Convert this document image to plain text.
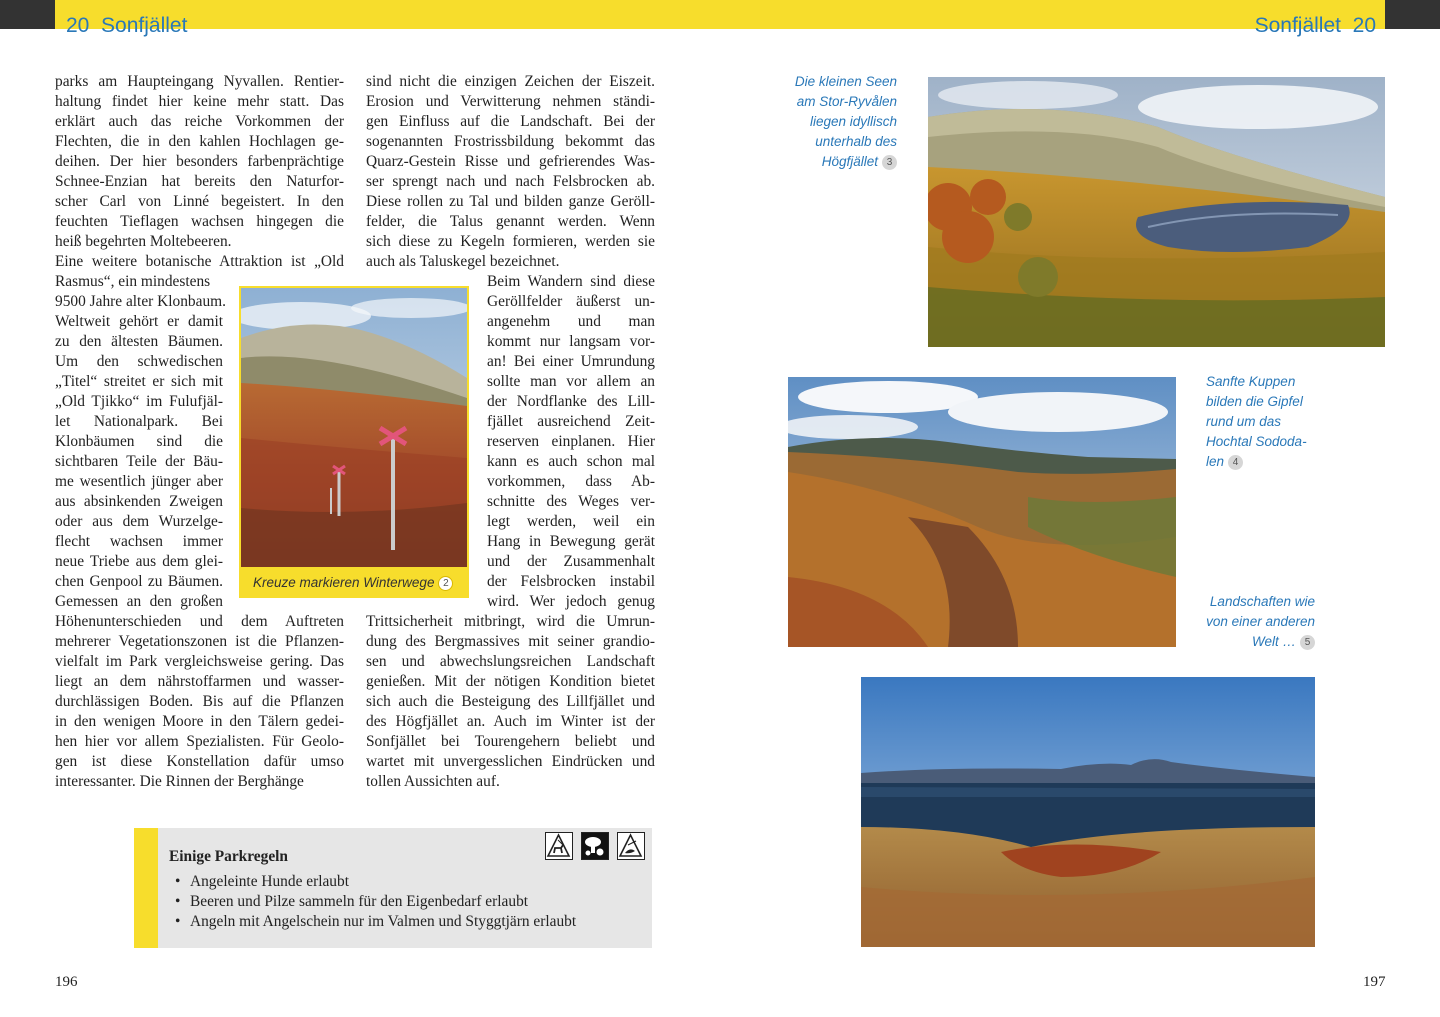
20 Sonfjället	Sonfjället 20
parks am Haupteingang Nyvallen. Rentier-
haltung findet hier keine mehr statt. Das
erklärt auch das reiche Vorkommen der
Flechten, die in den kahlen Hochlagen ge-
deihen. Der hier besonders farbenprächtige
Schnee-Enzian hat bereits den Naturfor-
scher Carl von Linné begeistert. In den
feuchten Tieflagen wachsen hingegen die
heiß begehrten Moltebeeren.
Eine weitere botanische Attraktion ist „Old
Rasmus“, ein mindestens
9500 Jahre alter Klonbaum.
Weltweit gehört er damit
zu den ältesten Bäumen.
Um den schwedischen
„Titel“ streitet er sich mit
„Old Tjikko“ im Fulufjäl-
let Nationalpark. Bei
Klonbäumen sind die
sichtbaren Teile der Bäu-
me wesentlich jünger aber
aus absinkenden Zweigen
oder aus dem Wurzelge-
flecht wachsen immer
neue Triebe aus dem glei-
chen Genpool zu Bäumen.
Gemessen an den großen
Höhenunterschieden und dem Auftreten
mehrerer Vegetationszonen ist die Pflanzen-
vielfalt im Park vergleichsweise gering. Das
liegt an dem nährstoffarmen und wasser-
durchlässigen Boden. Bis auf die Pflanzen
in den wenigen Moore in den Tälern gedei-
hen hier vor allem Spezialisten. Für Geolo-
gen ist diese Konstellation dafür umso
interessanter. Die Rinnen der Berghänge
sind nicht die einzigen Zeichen der Eiszeit.
Erosion und Verwitterung nehmen ständi-
gen Einfluss auf die Landschaft. Bei der
sogenannten Frostrissbildung bekommt das
Quarz-Gestein Risse und gefrierendes Was-
ser sprengt nach und nach Felsbrocken ab.
Diese rollen zu Tal und bilden ganze Geröll-
felder, die Talus genannt werden. Wenn
sich diese zu Kegeln formieren, werden sie
auch als Taluskegel bezeichnet.
Beim Wandern sind diese
Geröllfelder äußerst un-
angenehm und man
kommt nur langsam vor-
an! Bei einer Umrundung
sollte man vor allem an
der Nordflanke des Lill-
fjället ausreichend Zeit-
reserven einplanen. Hier
kann es auch schon mal
vorkommen, dass Ab-
schnitte des Weges ver-
legt werden, weil ein
Hang in Bewegung gerät
und der Zusammenhalt
der Felsbrocken instabil
wird. Wer jedoch genug
Trittsicherheit mitbringt, wird die Umrun-
dung des Bergmassives mit seiner grandio-
sen und abwechslungsreichen Landschaft
genießen. Mit der nötigen Kondition bietet
sich auch die Besteigung des Lillfjället und
des Högfjället an. Auch im Winter ist der
Sonfjället bei Tourengehern beliebt und
wartet mit unvergesslichen Eindrücken und
tollen Aussichten auf.
Kreuze markieren Winterwege 2
Einige Parkregeln
• Angeleinte Hunde erlaubt
• Beeren und Pilze sammeln für den Eigenbedarf erlaubt
• Angeln mit Angelschein nur im Valmen und Styggtjärn erlaubt
196
Die kleinen Seen
am Stor-Ryvålen
liegen idyllisch
unterhalb des
Högfjället 3
Sanfte Kuppen
bilden die Gipfel
rund um das
Hochtal Sododa-
len 4
Landschaften wie
von einer anderen
Welt … 5
197
